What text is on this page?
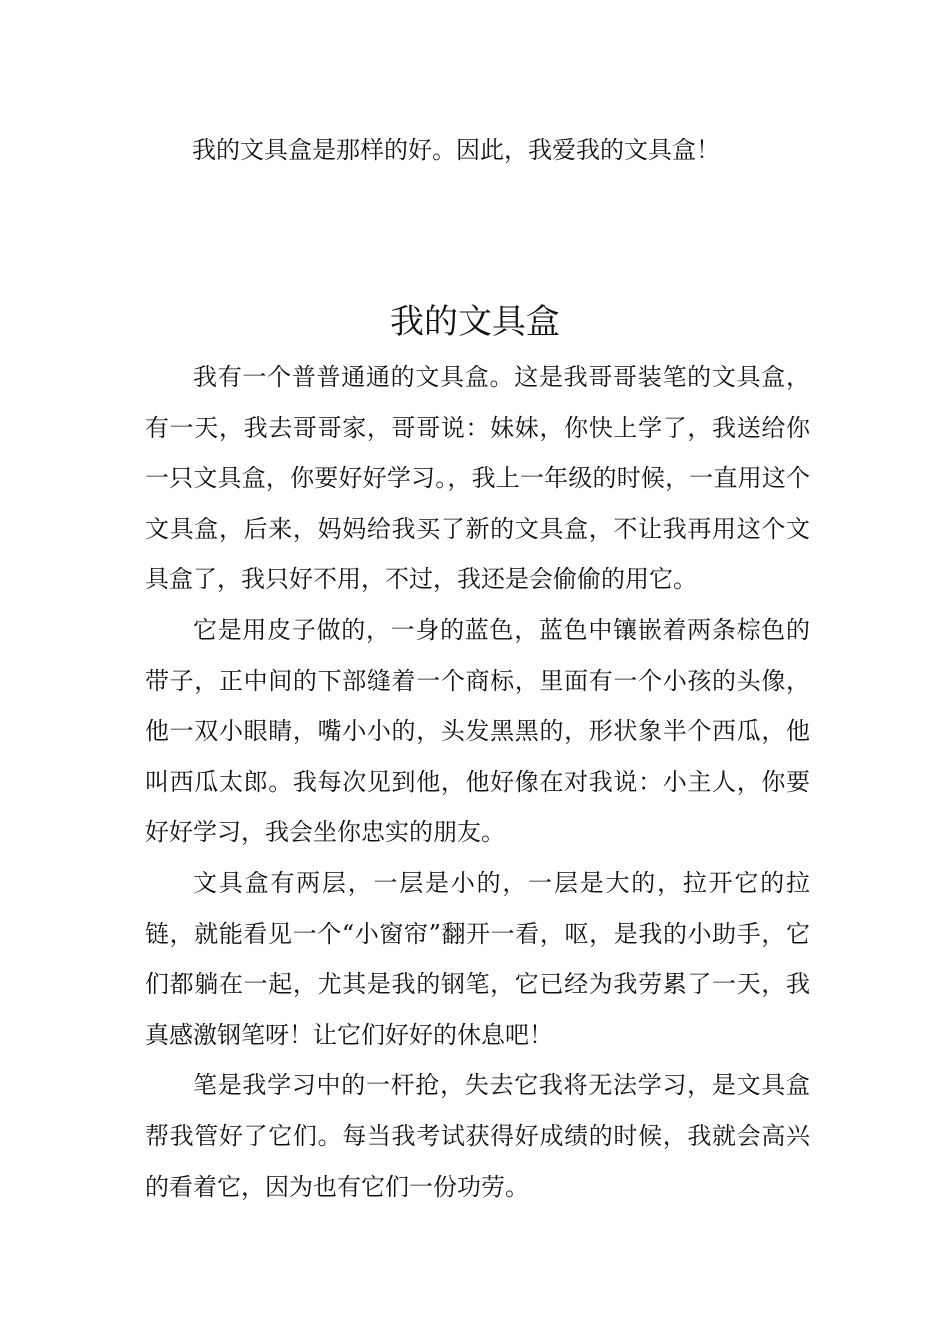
我的文具盒是那样的好。因此，我爱我的文具盒！
我的文具盒

我有一个普普通通的文具盒。这是我哥哥装笔的文具盒，有一天，我去哥哥家，哥哥说：妹妹，你快上学了，我送给你一只文具盒，你要好好学习。，我上一年级的时候，一直用这个文具盒，后来，妈妈给我买了新的文具盒，不让我再用这个文具盒了，我只好不用，不过，我还是会偷偷的用它。

它是用皮子做的，一身的蓝色，蓝色中镶嵌着两条棕色的带子，正中间的下部缝着一个商标，里面有一个小孩的头像，他一双小眼睛，嘴小小的，头发黑黑的，形状象半个西瓜，他叫西瓜太郎。我每次见到他，他好像在对我说：小主人，你要好好学习，我会坐你忠实的朋友。

文具盒有两层，一层是小的，一层是大的，拉开它的拉链，就能看见一个“小窗帘”翻开一看，呕，是我的小助手，它们都躺在一起，尤其是我的钢笔，它已经为我劳累了一天，我真感激钢笔呀！让它们好好的休息吧！

笔是我学习中的一杆抢，失去它我将无法学习，是文具盒帮我管好了它们。每当我考试获得好成绩的时候，我就会高兴的看着它，因为也有它们一份功劳。
